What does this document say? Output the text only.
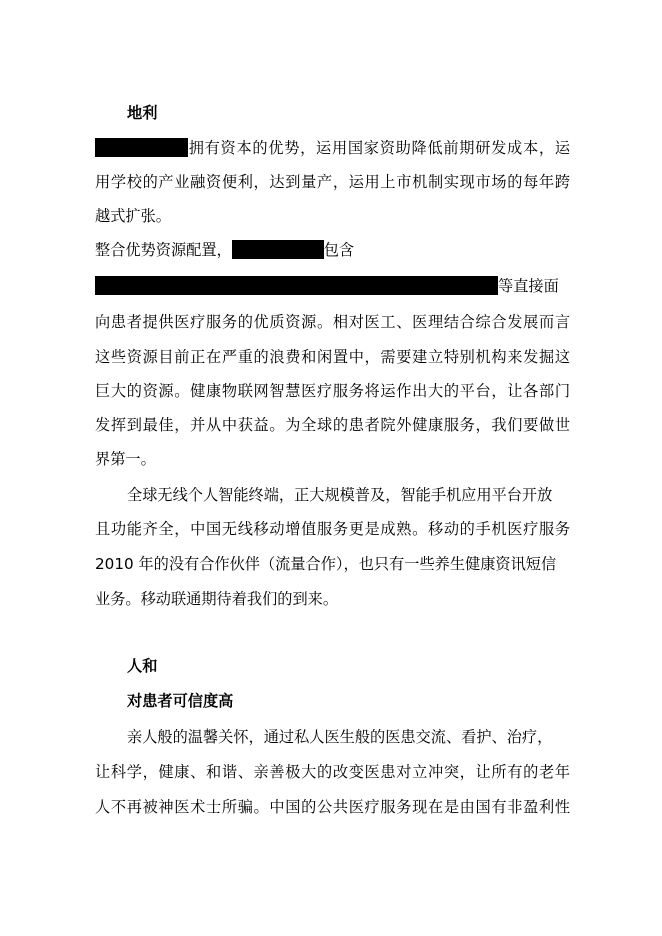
地利
拥有资本的优势，运用国家资助降低前期研发成本，运
用学校的产业融资便利，达到量产，运用上市机制实现市场的每年跨
越式扩张。
整合优势资源配置，	包含
等直接面
向患者提供医疗服务的优质资源。相对医工、医理结合综合发展而言
这些资源目前正在严重的浪费和闲置中，需要建立特别机构来发掘这
巨大的资源。健康物联网智慧医疗服务将运作出大的平台，让各部门
发挥到最佳，并从中获益。为全球的患者院外健康服务，我们要做世
界第一。
全球无线个人智能终端，正大规模普及，智能手机应用平台开放
且功能齐全，中国无线移动增值服务更是成熟。移动的手机医疗服务
2010 年的没有合作伙伴（流量合作），也只有一些养生健康资讯短信
业务。移动联通期待着我们的到来。
人和
对患者可信度高
亲人般的温馨关怀，通过私人医生般的医患交流、看护、治疗，
让科学，健康、和谐、亲善极大的改变医患对立冲突，让所有的老年
人不再被神医术士所骗。中国的公共医疗服务现在是由国有非盈利性
